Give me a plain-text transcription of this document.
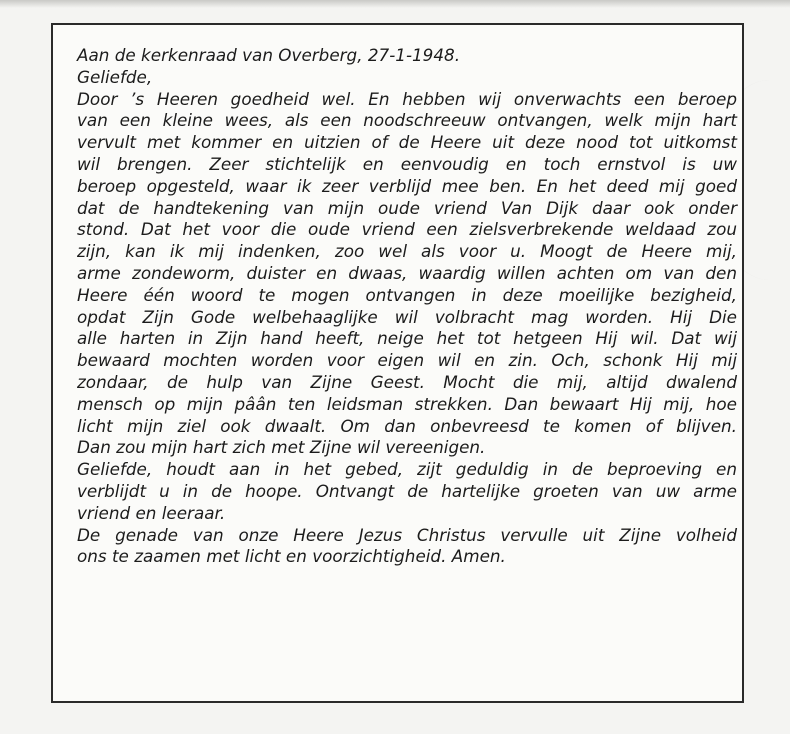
Aan de kerkenraad van Overberg, 27-1-1948.
Geliefde,
Door ’s Heeren goedheid wel. En hebben wij onverwachts een beroep
van een kleine wees, als een noodschreeuw ontvangen, welk mijn hart
vervult met kommer en uitzien of de Heere uit deze nood tot uitkomst
wil brengen. Zeer stichtelijk en eenvoudig en toch ernstvol is uw
beroep opgesteld, waar ik zeer verblijd mee ben. En het deed mij goed
dat de handtekening van mijn oude vriend Van Dijk daar ook onder
stond. Dat het voor die oude vriend een zielsverbrekende weldaad zou
zijn, kan ik mij indenken, zoo wel als voor u. Moogt de Heere mij,
arme zondeworm, duister en dwaas, waardig willen achten om van den
Heere één woord te mogen ontvangen in deze moeilijke bezigheid,
opdat Zijn Gode welbehaaglijke wil volbracht mag worden. Hij Die
alle harten in Zijn hand heeft, neige het tot hetgeen Hij wil. Dat wij
bewaard mochten worden voor eigen wil en zin. Och, schonk Hij mij
zondaar, de hulp van Zijne Geest. Mocht die mij, altijd dwalend
mensch op mijn pâân ten leidsman strekken. Dan bewaart Hij mij, hoe
licht mijn ziel ook dwaalt. Om dan onbevreesd te komen of blijven.
Dan zou mijn hart zich met Zijne wil vereenigen.
Geliefde, houdt aan in het gebed, zijt geduldig in de beproeving en
verblijdt u in de hoope. Ontvangt de hartelijke groeten van uw arme
vriend en leeraar.
De genade van onze Heere Jezus Christus vervulle uit Zijne volheid
ons te zaamen met licht en voorzichtigheid. Amen.
